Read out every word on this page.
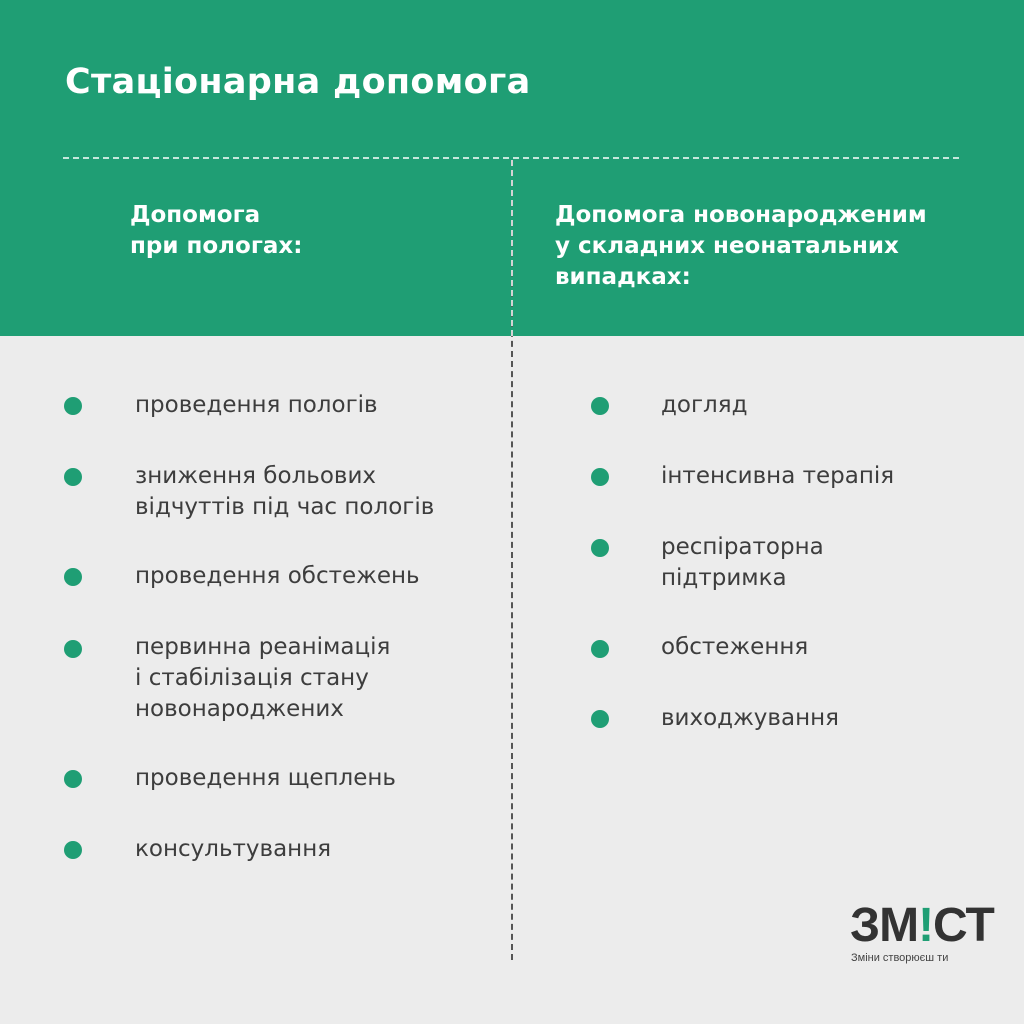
Стаціонарна допомога
Допомога
при пологах:
Допомога новонародженим
у складних неонатальних
випадках:
проведення пологів
зниження больових
відчуттів під час пологів
проведення обстежень
первинна реанімація
і стабілізація стану
новонароджених
проведення щеплень
консультування
догляд
інтенсивна терапія
респіраторна
підтримка
обстеження
виходжування
ЗМ!СТ
Зміни створюєш ти
